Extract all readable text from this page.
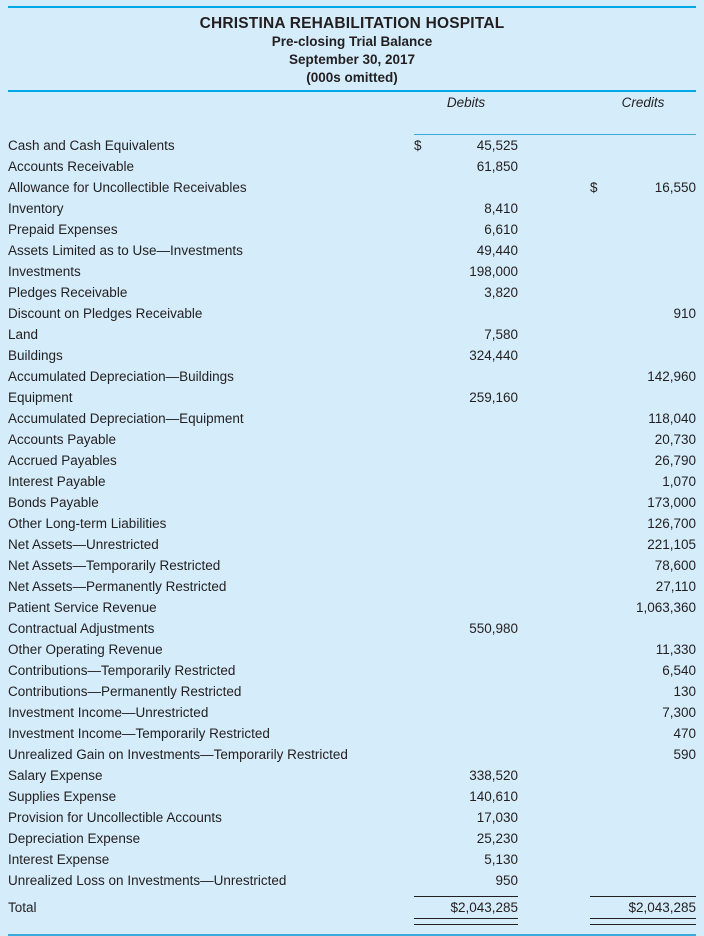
CHRISTINA REHABILITATION HOSPITAL
Pre-closing Trial Balance
September 30, 2017
(000s omitted)
	Debits			Credits	

Cash and Cash Equivalents	$	45,525			
Accounts Receivable		61,850			
Allowance for Uncollectible Receivables				$	16,550
Inventory		8,410			
Prepaid Expenses		6,610			
Assets Limited as to Use—Investments		49,440			
Investments		198,000			
Pledges Receivable		3,820			
Discount on Pledges Receivable					910
Land		7,580			
Buildings		324,440			
Accumulated Depreciation—Buildings					142,960
Equipment		259,160			
Accumulated Depreciation—Equipment					118,040
Accounts Payable					20,730
Accrued Payables					26,790
Interest Payable					1,070
Bonds Payable					173,000
Other Long-term Liabilities					126,700
Net Assets—Unrestricted					221,105
Net Assets—Temporarily Restricted					78,600
Net Assets—Permanently Restricted					27,110
Patient Service Revenue					1,063,360
Contractual Adjustments		550,980			
Other Operating Revenue					11,330
Contributions—Temporarily Restricted					6,540
Contributions—Permanently Restricted					130
Investment Income—Unrestricted					7,300
Investment Income—Temporarily Restricted					470
Unrealized Gain on Investments—Temporarily Restricted					590
Salary Expense		338,520			
Supplies Expense		140,610			
Provision for Uncollectible Accounts		17,030			
Depreciation Expense		25,230			
Interest Expense		5,130			
Unrealized Loss on Investments—Unrestricted		950			

Total	$2,043,285			$2,043,285	
